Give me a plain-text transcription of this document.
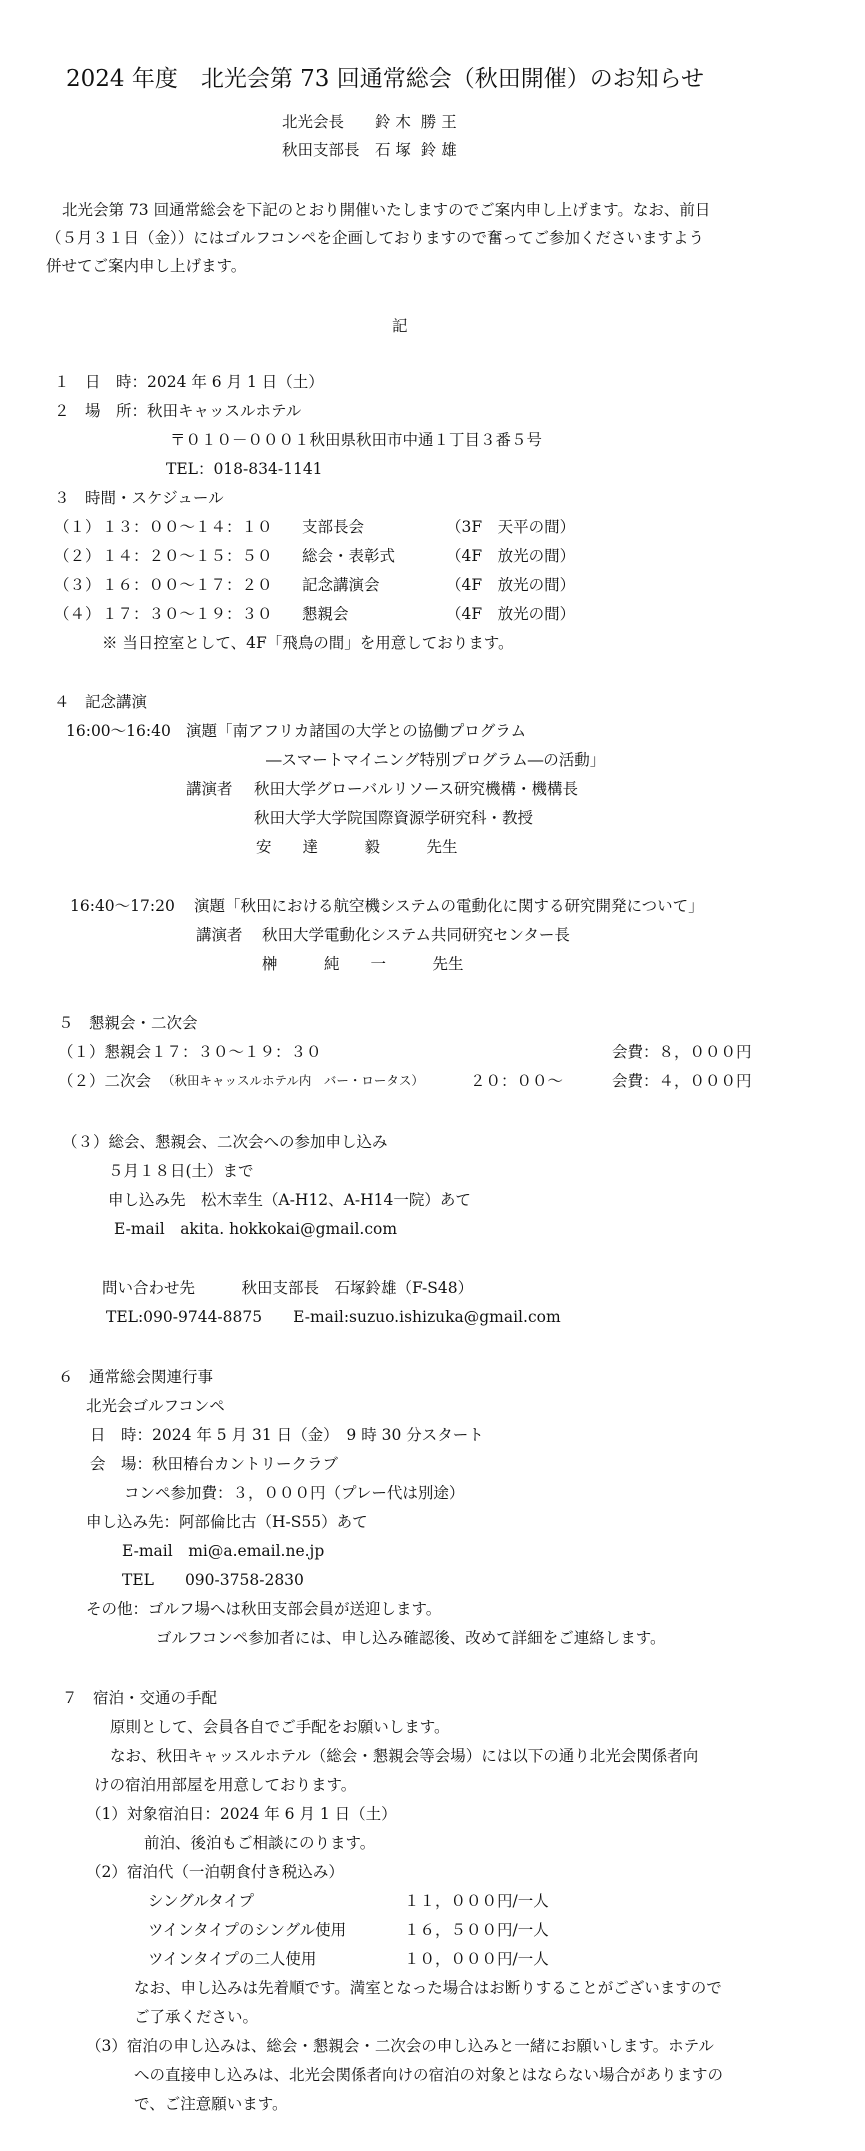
2024 年度　北光会第 73 回通常総会（秋田開催）のお知らせ
北光会長　　鈴 木  勝 王
秋田支部長　石 塚  鈴 雄
北光会第 73 回通常総会を下記のとおり開催いたしますのでご案内申し上げます。なお、前日
（５月３１日（金））にはゴルフコンペを企画しておりますので奮ってご参加くださいますよう
併せてご案内申し上げます。
記
１　日　時：2024 年 6 月 1 日（土）
２　場　所：秋田キャッスルホテル
〒０１０－０００１秋田県秋田市中通１丁目３番５号
TEL：018-834-1141
３　時間・スケジュール
（１） １３：００～１４：１０ 支部長会	（3F　天平の間）
（２） １４：２０～１５：５０ 総会・表彰式	（4F　放光の間）
（３） １６：００～１７：２０ 記念講演会	（4F　放光の間）
（４） １７：３０～１９：３０ 懇親会	（4F　放光の間）
※ 当日控室として、4F「飛鳥の間」を用意しております。
４　記念講演
16:00～16:40 演題「南アフリカ諸国の大学との協働プログラム
―スマートマイニング特別プログラム―の活動」
講演者 秋田大学グローバルリソース研究機構・機構長
秋田大学大学院国際資源学研究科・教授
安　　達　　　毅　　　先生
16:40～17:20 演題「秋田における航空機システムの電動化に関する研究開発について」
講演者 秋田大学電動化システム共同研究センター長
榊　　　純　　一　　　先生
５　懇親会・二次会
（１）懇親会１７：３０～１９：３０	会費：８，０００円
（２）二次会 （秋田キャッスルホテル内　バー・ロータス）	２０：００～	会費：４，０００円
（３）総会、懇親会、二次会への参加申し込み
５月１８日(土）まで
申し込み先　松木幸生（A-H12、A-H14一院）あて
E-mail　akita. hokkokai@gmail.com
問い合わせ先　　　秋田支部長　石塚鈴雄（F-S48）
TEL:090-9744-8875　　E-mail:suzuo.ishizuka@gmail.com
６　通常総会関連行事
北光会ゴルフコンペ
日　時：2024 年 5 月 31 日（金）　9 時 30 分スタート
会　場：秋田椿台カントリークラブ
コンペ参加費：３，０００円（プレー代は別途）
申し込み先：阿部倫比古（H-S55）あて
E-mail　mi@a.email.ne.jp
TEL　　090-3758-2830
その他：ゴルフ場へは秋田支部会員が送迎します。
ゴルフコンペ参加者には、申し込み確認後、改めて詳細をご連絡します。
７　宿泊・交通の手配
原則として、会員各自でご手配をお願いします。
なお、秋田キャッスルホテル（総会・懇親会等会場）には以下の通り北光会関係者向
けの宿泊用部屋を用意しております。
（1）対象宿泊日：2024 年 6 月 1 日（土）
前泊、後泊もご相談にのります。
（2）宿泊代（一泊朝食付き税込み）
シングルタイプ	１１，０００円/一人
ツインタイプのシングル使用	１６，５００円/一人
ツインタイプの二人使用	１０，０００円/一人
なお、申し込みは先着順です。満室となった場合はお断りすることがございますので
ご了承ください。
（3）宿泊の申し込みは、総会・懇親会・二次会の申し込みと一緒にお願いします。ホテル
への直接申し込みは、北光会関係者向けの宿泊の対象とはならない場合がありますの
で、ご注意願います。
